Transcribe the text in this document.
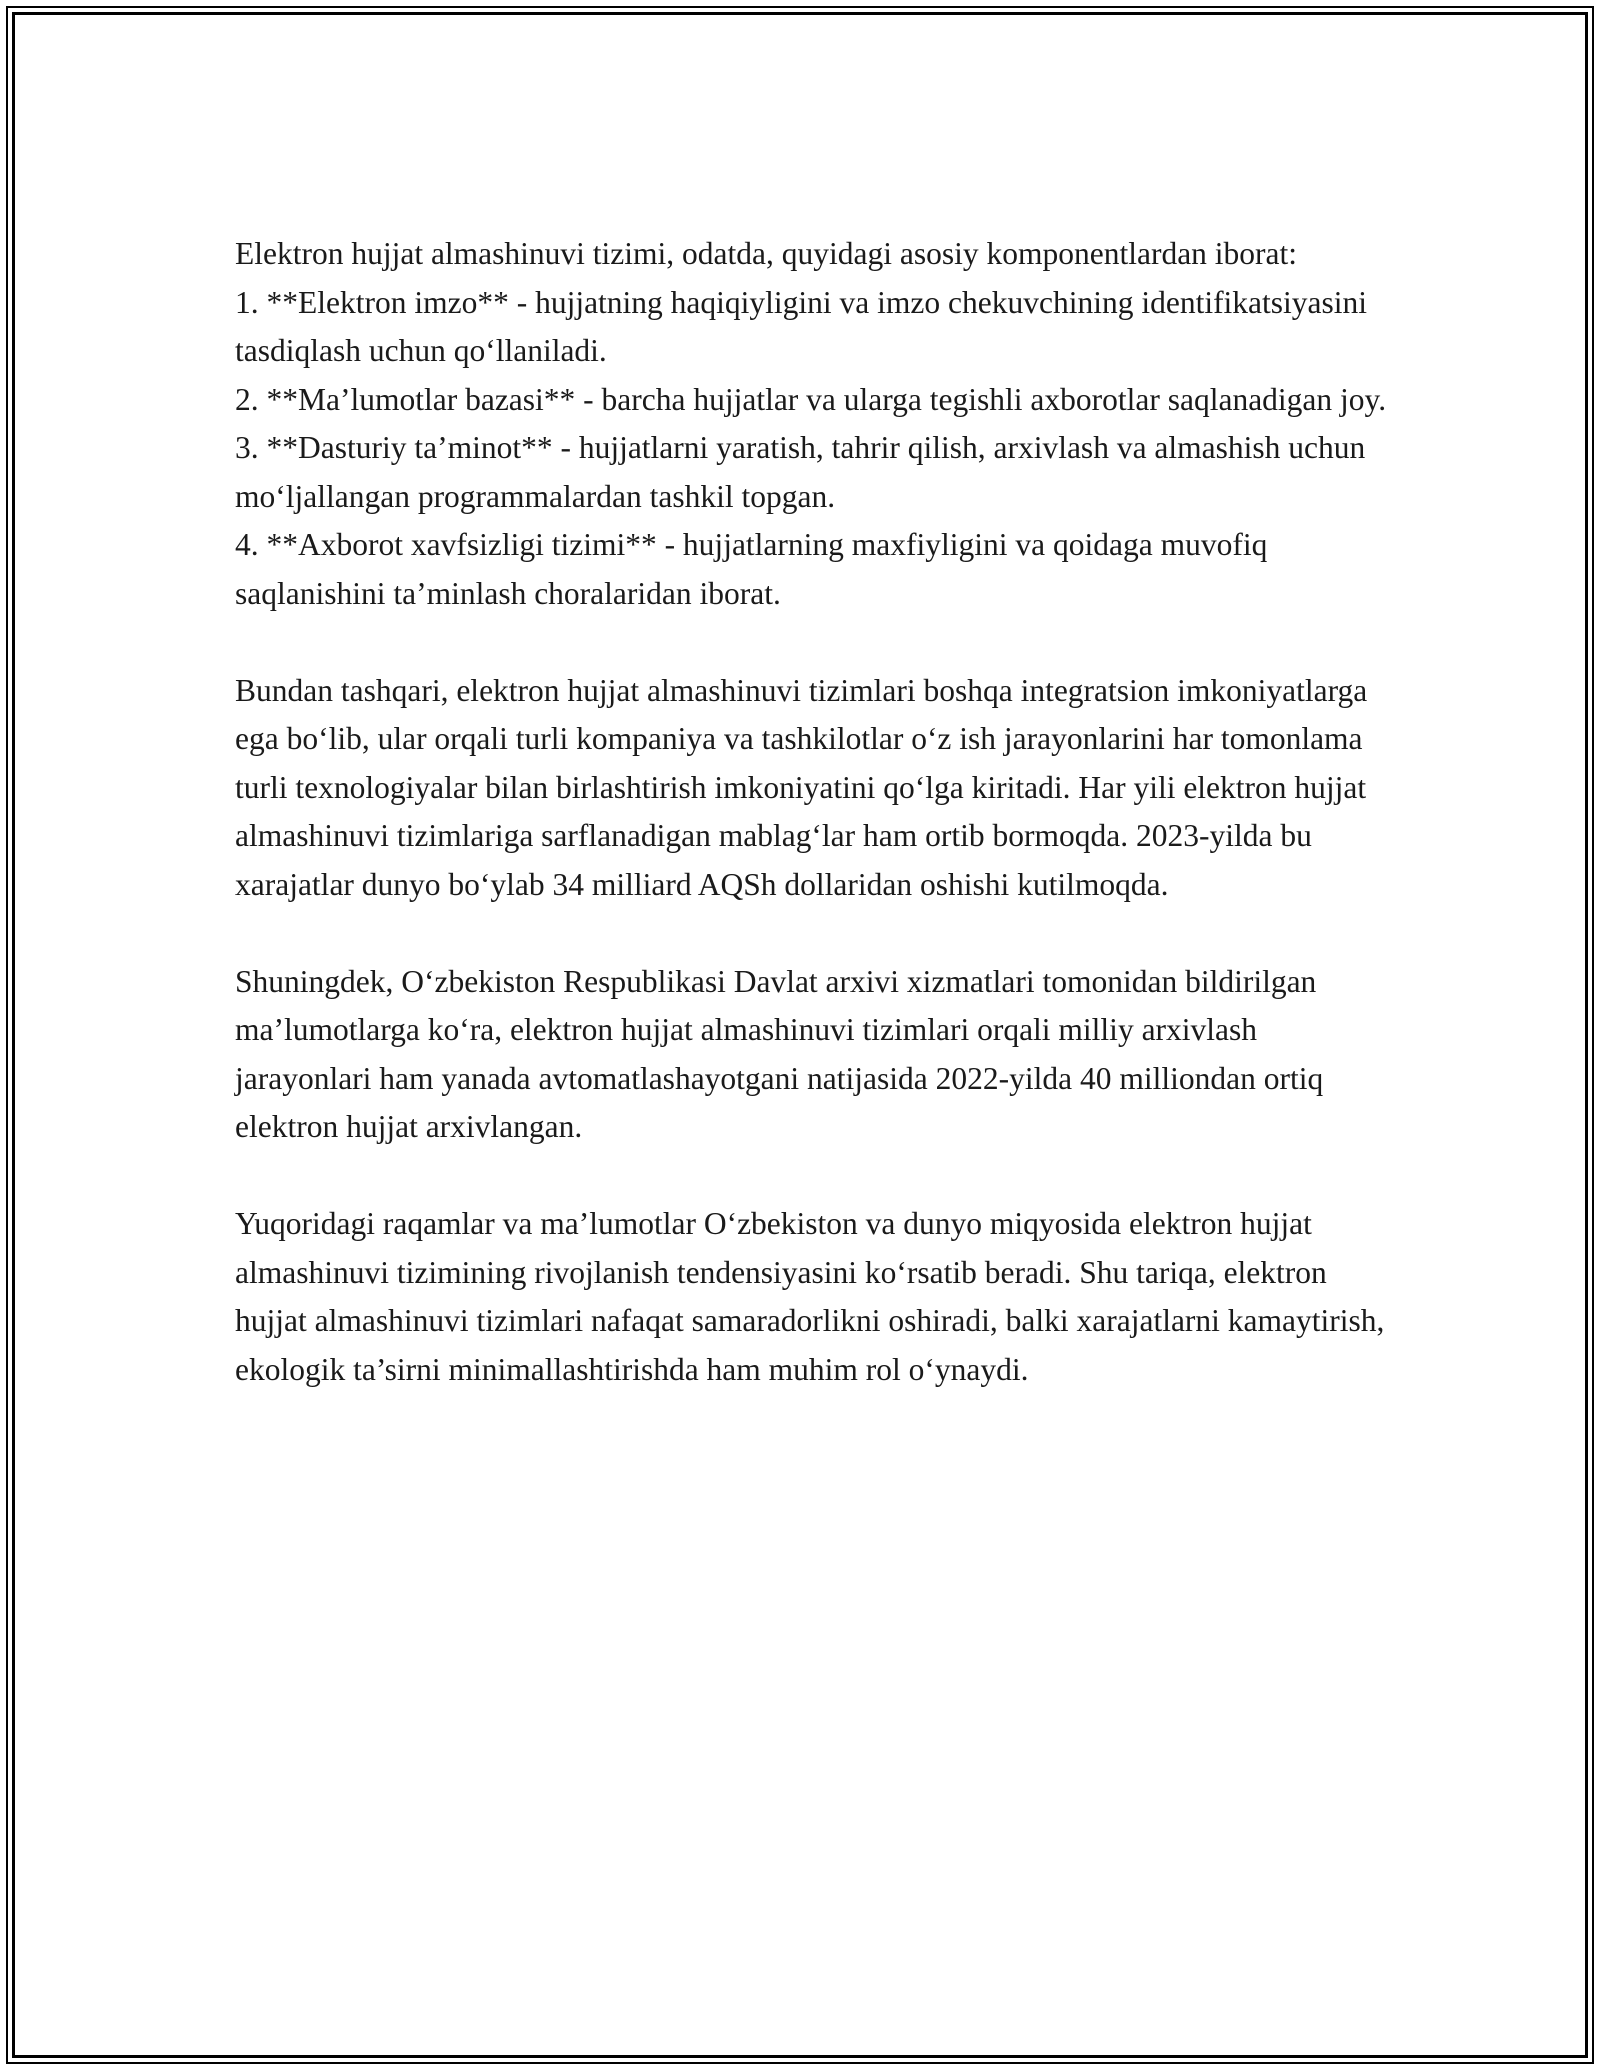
Elektron hujjat almashinuvi tizimi, odatda, quyidagi asosiy komponentlardan iborat:

1. **Elektron imzo** - hujjatning haqiqiyligini va imzo chekuvchining identifikatsiyasini tasdiqlash uchun qo‘llaniladi.

2. **Ma’lumotlar bazasi** - barcha hujjatlar va ularga tegishli axborotlar saqlanadigan joy.

3. **Dasturiy ta’minot** - hujjatlarni yaratish, tahrir qilish, arxivlash va almashish uchun mo‘ljallangan programmalardan tashkil topgan.

4. **Axborot xavfsizligi tizimi** - hujjatlarning maxfiyligini va qoidaga muvofiq saqlanishini ta’minlash choralaridan iborat.

Bundan tashqari, elektron hujjat almashinuvi tizimlari boshqa integratsion imkoniyatlarga ega bo‘lib, ular orqali turli kompaniya va tashkilotlar o‘z ish jarayonlarini har tomonlama turli texnologiyalar bilan birlashtirish imkoniyatini qo‘lga kiritadi. Har yili elektron hujjat almashinuvi tizimlariga sarflanadigan mablag‘lar ham ortib bormoqda. 2023-yilda bu xarajatlar dunyo bo‘ylab 34 milliard AQSh dollaridan oshishi kutilmoqda.

Shuningdek, O‘zbekiston Respublikasi Davlat arxivi xizmatlari tomonidan bildirilgan ma’lumotlarga ko‘ra, elektron hujjat almashinuvi tizimlari orqali milliy arxivlash jarayonlari ham yanada avtomatlashayotgani natijasida 2022-yilda 40 milliondan ortiq elektron hujjat arxivlangan.

Yuqoridagi raqamlar va ma’lumotlar O‘zbekiston va dunyo miqyosida elektron hujjat almashinuvi tizimining rivojlanish tendensiyasini ko‘rsatib beradi. Shu tariqa, elektron hujjat almashinuvi tizimlari nafaqat samaradorlikni oshiradi, balki xarajatlarni kamaytirish, ekologik ta’sirni minimallashtirishda ham muhim rol o‘ynaydi.
